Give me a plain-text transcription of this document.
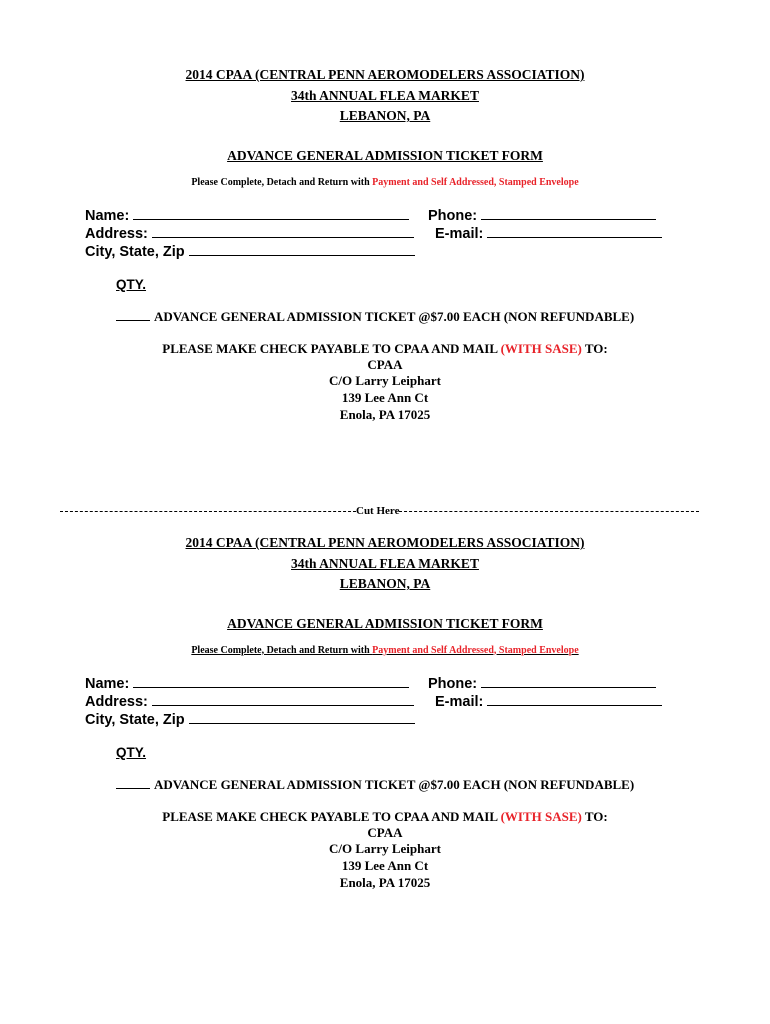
2014 CPAA (CENTRAL PENN AEROMODELERS ASSOCIATION)
34th ANNUAL FLEA MARKET
LEBANON, PA
ADVANCE GENERAL ADMISSION TICKET FORM
Please Complete, Detach and Return with Payment and Self Addressed, Stamped Envelope
Name:
Address:
City, State, Zip
Phone:
E-mail:
QTY.
ADVANCE GENERAL ADMISSION TICKET @$7.00 EACH (NON REFUNDABLE)
PLEASE MAKE CHECK PAYABLE TO CPAA AND MAIL (WITH SASE) TO:
CPAA
C/O Larry Leiphart
139 Lee Ann Ct
Enola, PA 17025
Cut Here
2014 CPAA (CENTRAL PENN AEROMODELERS ASSOCIATION)
34th ANNUAL FLEA MARKET
LEBANON, PA
ADVANCE GENERAL ADMISSION TICKET FORM
Please Complete, Detach and Return with Payment and Self Addressed, Stamped Envelope
Name:
Address:
City, State, Zip
Phone:
E-mail:
QTY.
ADVANCE GENERAL ADMISSION TICKET @$7.00 EACH (NON REFUNDABLE)
PLEASE MAKE CHECK PAYABLE TO CPAA AND MAIL (WITH SASE) TO:
CPAA
C/O Larry Leiphart
139 Lee Ann Ct
Enola, PA 17025
